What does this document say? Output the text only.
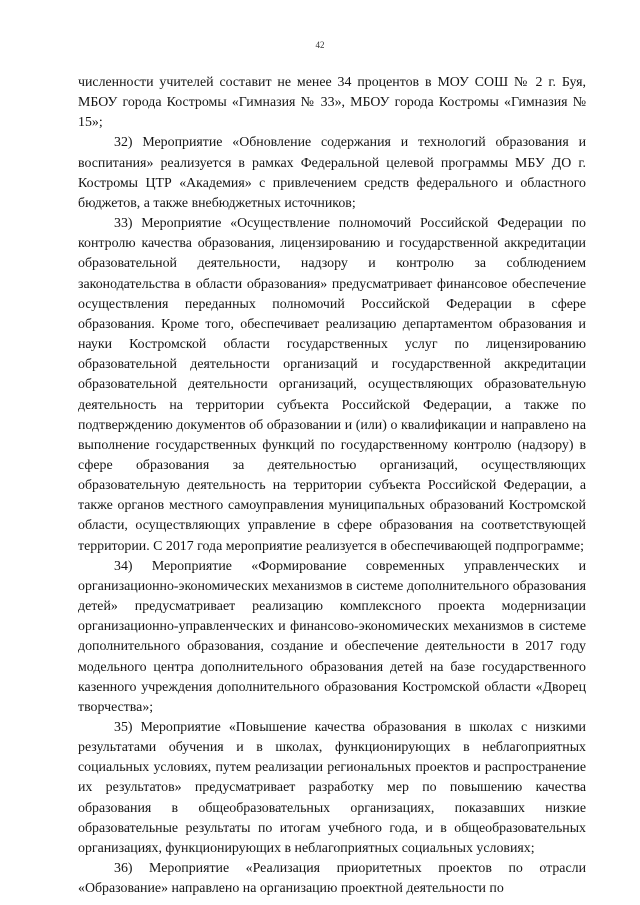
42

численности учителей составит не менее 34 процентов в МОУ СОШ № 2 г. Буя, МБОУ города Костромы «Гимназия № 33», МБОУ города Костромы «Гимназия № 15»;

32) Мероприятие «Обновление содержания и технологий образования и воспитания» реализуется в рамках Федеральной целевой программы МБУ ДО г. Костромы ЦТР «Академия» с привлечением средств федерального и областного бюджетов, а также внебюджетных источников;

33) Мероприятие «Осуществление полномочий Российской Федерации по контролю качества образования, лицензированию и государственной аккредитации образовательной деятельности, надзору и контролю за соблюдением законодательства в области образования» предусматривает финансовое обеспечение осуществления переданных полномочий Российской Федерации в сфере образования. Кроме того, обеспечивает реализацию департаментом образования и науки Костромской области государственных услуг по лицензированию образовательной деятельности организаций и государственной аккредитации образовательной деятельности организаций, осуществляющих образовательную деятельность на территории субъекта Российской Федерации, а также по подтверждению документов об образовании и (или) о квалификации и направлено на выполнение государственных функций по государственному контролю (надзору) в сфере образования за деятельностью организаций, осуществляющих образовательную деятельность на территории субъекта Российской Федерации, а также органов местного самоуправления муниципальных образований Костромской области, осуществляющих управление в сфере образования на соответствующей территории. С 2017 года мероприятие реализуется в обеспечивающей подпрограмме;

34) Мероприятие «Формирование современных управленческих и организационно-экономических механизмов в системе дополнительного образования детей» предусматривает реализацию комплексного проекта модернизации организационно-управленческих и финансово-экономических механизмов в системе дополнительного образования, создание и обеспечение деятельности в 2017 году модельного центра дополнительного образования детей на базе государственного казенного учреждения дополнительного образования Костромской области «Дворец творчества»;

35) Мероприятие «Повышение качества образования в школах с низкими результатами обучения и в школах, функционирующих в неблагоприятных социальных условиях, путем реализации региональных проектов и распространение их результатов» предусматривает разработку мер по повышению качества образования в общеобразовательных организациях, показавших низкие образовательные результаты по итогам учебного года, и в общеобразовательных организациях, функционирующих в неблагоприятных социальных условиях;

36) Мероприятие «Реализация приоритетных проектов по отрасли «Образование» направлено на организацию проектной деятельности по
